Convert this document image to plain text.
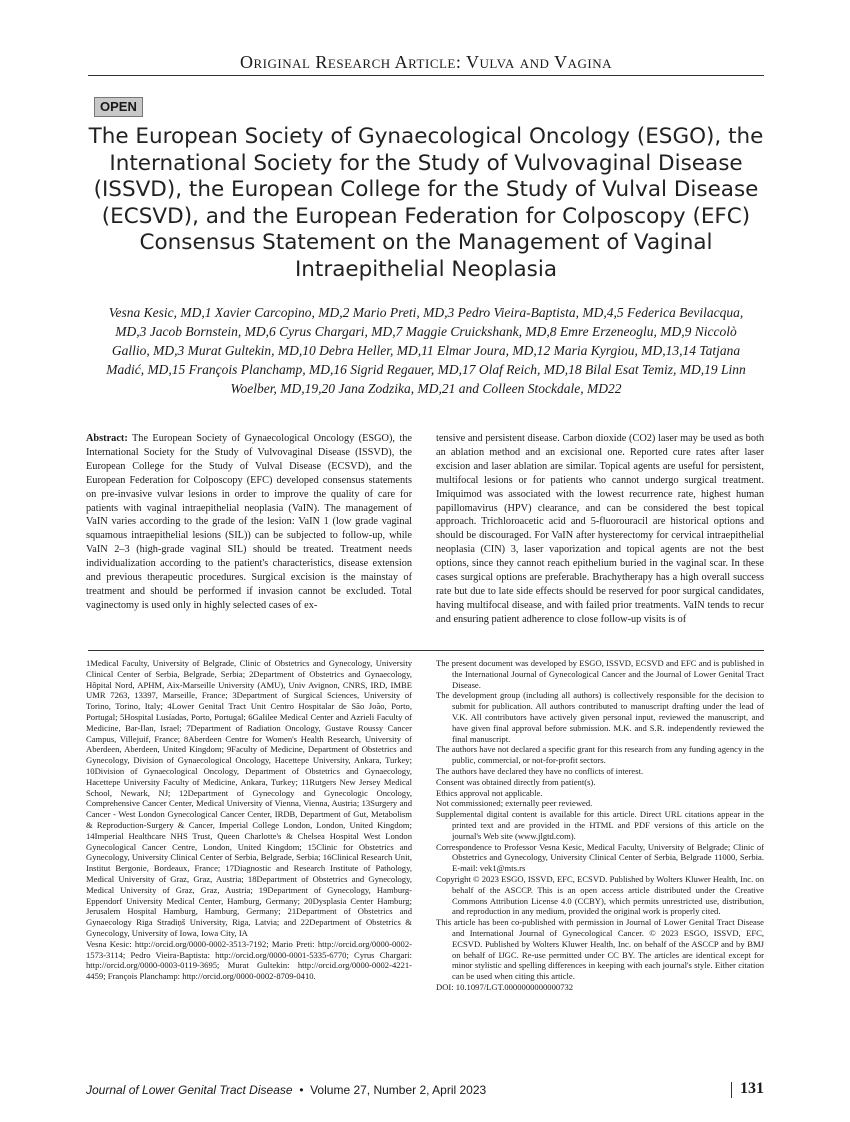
Original Research Article: Vulva and Vagina
OPEN
The European Society of Gynaecological Oncology (ESGO), the International Society for the Study of Vulvovaginal Disease (ISSVD), the European College for the Study of Vulval Disease (ECSVD), and the European Federation for Colposcopy (EFC) Consensus Statement on the Management of Vaginal Intraepithelial Neoplasia
Vesna Kesic, MD,1 Xavier Carcopino, MD,2 Mario Preti, MD,3 Pedro Vieira-Baptista, MD,4,5 Federica Bevilacqua, MD,3 Jacob Bornstein, MD,6 Cyrus Chargari, MD,7 Maggie Cruickshank, MD,8 Emre Erzeneoglu, MD,9 Niccolò Gallio, MD,3 Murat Gultekin, MD,10 Debra Heller, MD,11 Elmar Joura, MD,12 Maria Kyrgiou, MD,13,14 Tatjana Madić, MD,15 François Planchamp, MD,16 Sigrid Regauer, MD,17 Olaf Reich, MD,18 Bilal Esat Temiz, MD,19 Linn Woelber, MD,19,20 Jana Zodzika, MD,21 and Colleen Stockdale, MD22
Abstract: The European Society of Gynaecological Oncology (ESGO), the International Society for the Study of Vulvovaginal Disease (ISSVD), the European College for the Study of Vulval Disease (ECSVD), and the European Federation for Colposcopy (EFC) developed consensus statements on pre-invasive vulvar lesions in order to improve the quality of care for patients with vaginal intraepithelial neoplasia (VaIN). The management of VaIN varies according to the grade of the lesion: VaIN 1 (low grade vaginal squamous intraepithelial lesions (SIL)) can be subjected to follow-up, while VaIN 2–3 (high-grade vaginal SIL) should be treated. Treatment needs individualization according to the patient's characteristics, disease extension and previous therapeutic procedures. Surgical excision is the mainstay of treatment and should be performed if invasion cannot be excluded. Total vaginectomy is used only in highly selected cases of ex-
tensive and persistent disease. Carbon dioxide (CO2) laser may be used as both an ablation method and an excisional one. Reported cure rates after laser excision and laser ablation are similar. Topical agents are useful for persistent, multifocal lesions or for patients who cannot undergo surgical treatment. Imiquimod was associated with the lowest recurrence rate, highest human papillomavirus (HPV) clearance, and can be considered the best topical approach. Trichloroacetic acid and 5-fluorouracil are historical options and should be discouraged. For VaIN after hysterectomy for cervical intraepithelial neoplasia (CIN) 3, laser vaporization and topical agents are not the best options, since they cannot reach epithelium buried in the vaginal scar. In these cases surgical options are preferable. Brachytherapy has a high overall success rate but due to late side effects should be reserved for poor surgical candidates, having multifocal disease, and with failed prior treatments. VaIN tends to recur and ensuring patient adherence to close follow-up visits is of

1Medical Faculty, University of Belgrade, Clinic of Obstetrics and Gynecology, University Clinical Center of Serbia, Belgrade, Serbia; 2Department of Obstetrics and Gynaecology, Hôpital Nord, APHM, Aix-Marseille University (AMU), Univ Avignon, CNRS, IRD, IMBE UMR 7263, 13397, Marseille, France; 3Department of Surgical Sciences, University of Torino, Torino, Italy; 4Lower Genital Tract Unit Centro Hospitalar de São João, Porto, Portugal; 5Hospital Lusíadas, Porto, Portugal; 6Galilee Medical Center and Azrieli Faculty of Medicine, Bar-Ilan, Israel; 7Department of Radiation Oncology, Gustave Roussy Cancer Campus, Villejuif, France; 8Aberdeen Centre for Women's Health Research, University of Aberdeen, Aberdeen, United Kingdom; 9Faculty of Medicine, Department of Obstetrics and Gynecology, Division of Gynaecological Oncology, Hacettepe University, Ankara, Turkey; 10Division of Gynaecological Oncology, Department of Obstetrics and Gynaecology, Hacettepe University Faculty of Medicine, Ankara, Turkey; 11Rutgers New Jersey Medical School, Newark, NJ; 12Department of Gynecology and Gynecologic Oncology, Comprehensive Cancer Center, Medical University of Vienna, Vienna, Austria; 13Surgery and Cancer - West London Gynecological Cancer Center, IRDB, Department of Gut, Metabolism & Reproduction-Surgery & Cancer, Imperial College London, London, United Kingdom; 14Imperial Healthcare NHS Trust, Queen Charlotte's & Chelsea Hospital West London Gynecological Cancer Centre, London, United Kingdom; 15Clinic for Obstetrics and Gynecology, University Clinical Center of Serbia, Belgrade, Serbia; 16Clinical Research Unit, Institut Bergonie, Bordeaux, France; 17Diagnostic and Research Institute of Pathology, Medical University of Graz, Graz, Austria; 18Department of Obstetrics and Gynecology, Medical University of Graz, Graz, Austria; 19Department of Gynecology, Hamburg-Eppendorf University Medical Center, Hamburg, Germany; 20Dysplasia Center Hamburg; Jerusalem Hospital Hamburg, Hamburg, Germany; 21Department of Obstetrics and Gynaecology Riga Stradiņš University, Riga, Latvia; and 22Department of Obstetrics & Gynecology, University of Iowa, Iowa City, IA

Vesna Kesic: http://orcid.org/0000-0002-3513-7192; Mario Preti: http://orcid.org/0000-0002-1573-3114; Pedro Vieira-Baptista: http://orcid.org/0000-0001-5335-6770; Cyrus Chargari: http://orcid.org/0000-0003-0119-3695; Murat Gultekin: http://orcid.org/0000-0002-4221-4459; François Planchamp: http://orcid.org/0000-0002-8709-0410.

The present document was developed by ESGO, ISSVD, ECSVD and EFC and is published in the International Journal of Gynecological Cancer and the Journal of Lower Genital Tract Disease.

The development group (including all authors) is collectively responsible for the decision to submit for publication. All authors contributed to manuscript drafting under the lead of V.K. All contributors have actively given personal input, reviewed the manuscript, and have given final approval before submission. M.K. and S.R. independently reviewed the final manuscript.

The authors have not declared a specific grant for this research from any funding agency in the public, commercial, or not-for-profit sectors.

The authors have declared they have no conflicts of interest.

Consent was obtained directly from patient(s).

Ethics approval not applicable.

Not commissioned; externally peer reviewed.

Supplemental digital content is available for this article. Direct URL citations appear in the printed text and are provided in the HTML and PDF versions of this article on the journal's Web site (www.jlgtd.com).

Correspondence to Professor Vesna Kesic, Medical Faculty, University of Belgrade; Clinic of Obstetrics and Gynecology, University Clinical Center of Serbia, Belgrade 11000, Serbia. E-mail: vek1@mts.rs

Copyright © 2023 ESGO, ISSVD, EFC, ECSVD. Published by Wolters Kluwer Health, Inc. on behalf of the ASCCP. This is an open access article distributed under the Creative Commons Attribution License 4.0 (CCBY), which permits unrestricted use, distribution, and reproduction in any medium, provided the original work is properly cited.

This article has been co-published with permission in Journal of Lower Genital Tract Disease and International Journal of Gynecological Cancer. © 2023 ESGO, ISSVD, EFC, ECSVD. Published by Wolters Kluwer Health, Inc. on behalf of the ASCCP and by BMJ on behalf of IJGC. Re-use permitted under CC BY. The articles are identical except for minor stylistic and spelling differences in keeping with each journal's style. Either citation can be used when citing this article.

DOI: 10.1097/LGT.0000000000000732

Journal of Lower Genital Tract Disease  •  Volume 27, Number 2, April 2023	131
